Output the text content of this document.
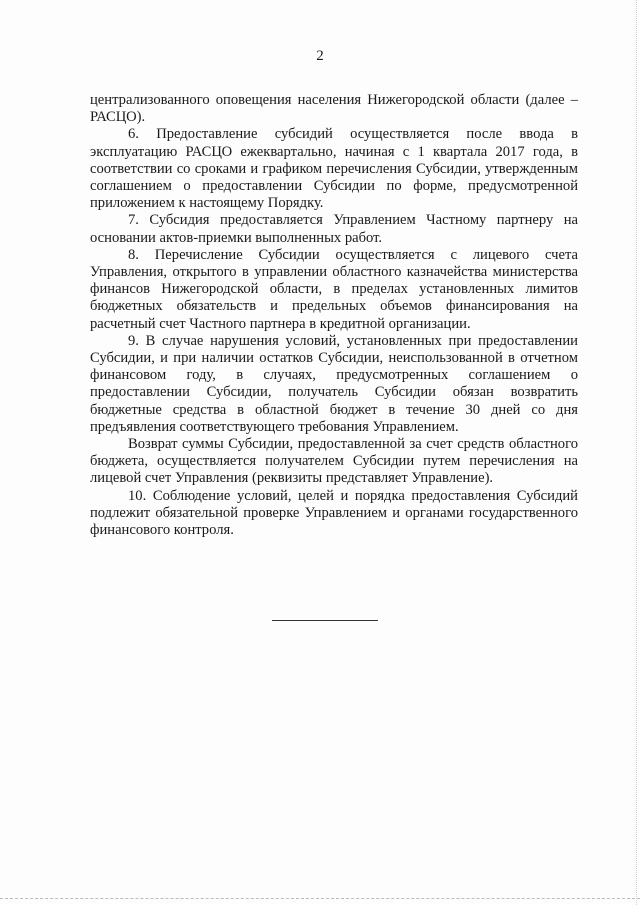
2

централизованного оповещения населения Нижегородской области (далее – РАСЦО).

6. Предоставление субсидий осуществляется после ввода в эксплуатацию РАСЦО ежеквартально, начиная с 1 квартала 2017 года, в соответствии со сроками и графиком перечисления Субсидии, утвержденным соглашением о предоставлении Субсидии по форме, предусмотренной приложением к настоящему Порядку.

7. Субсидия предоставляется Управлением Частному партнеру на основании актов-приемки выполненных работ.

8. Перечисление Субсидии осуществляется с лицевого счета Управления, открытого в управлении областного казначейства министерства финансов Нижегородской области, в пределах установленных лимитов бюджетных обязательств и предельных объемов финансирования на расчетный счет Частного партнера в кредитной организации.

9. В случае нарушения условий, установленных при предоставлении Субсидии, и при наличии остатков Субсидии, неиспользованной в отчетном финансовом году, в случаях, предусмотренных соглашением о предоставлении Субсидии, получатель Субсидии обязан возвратить бюджетные средства в областной бюджет в течение 30 дней со дня предъявления соответствующего требования Управлением.

Возврат суммы Субсидии, предоставленной за счет средств областного бюджета, осуществляется получателем Субсидии путем перечисления на лицевой счет Управления (реквизиты представляет Управление).

10. Соблюдение условий, целей и порядка предоставления Субсидий подлежит обязательной проверке Управлением и органами государственного финансового контроля.
